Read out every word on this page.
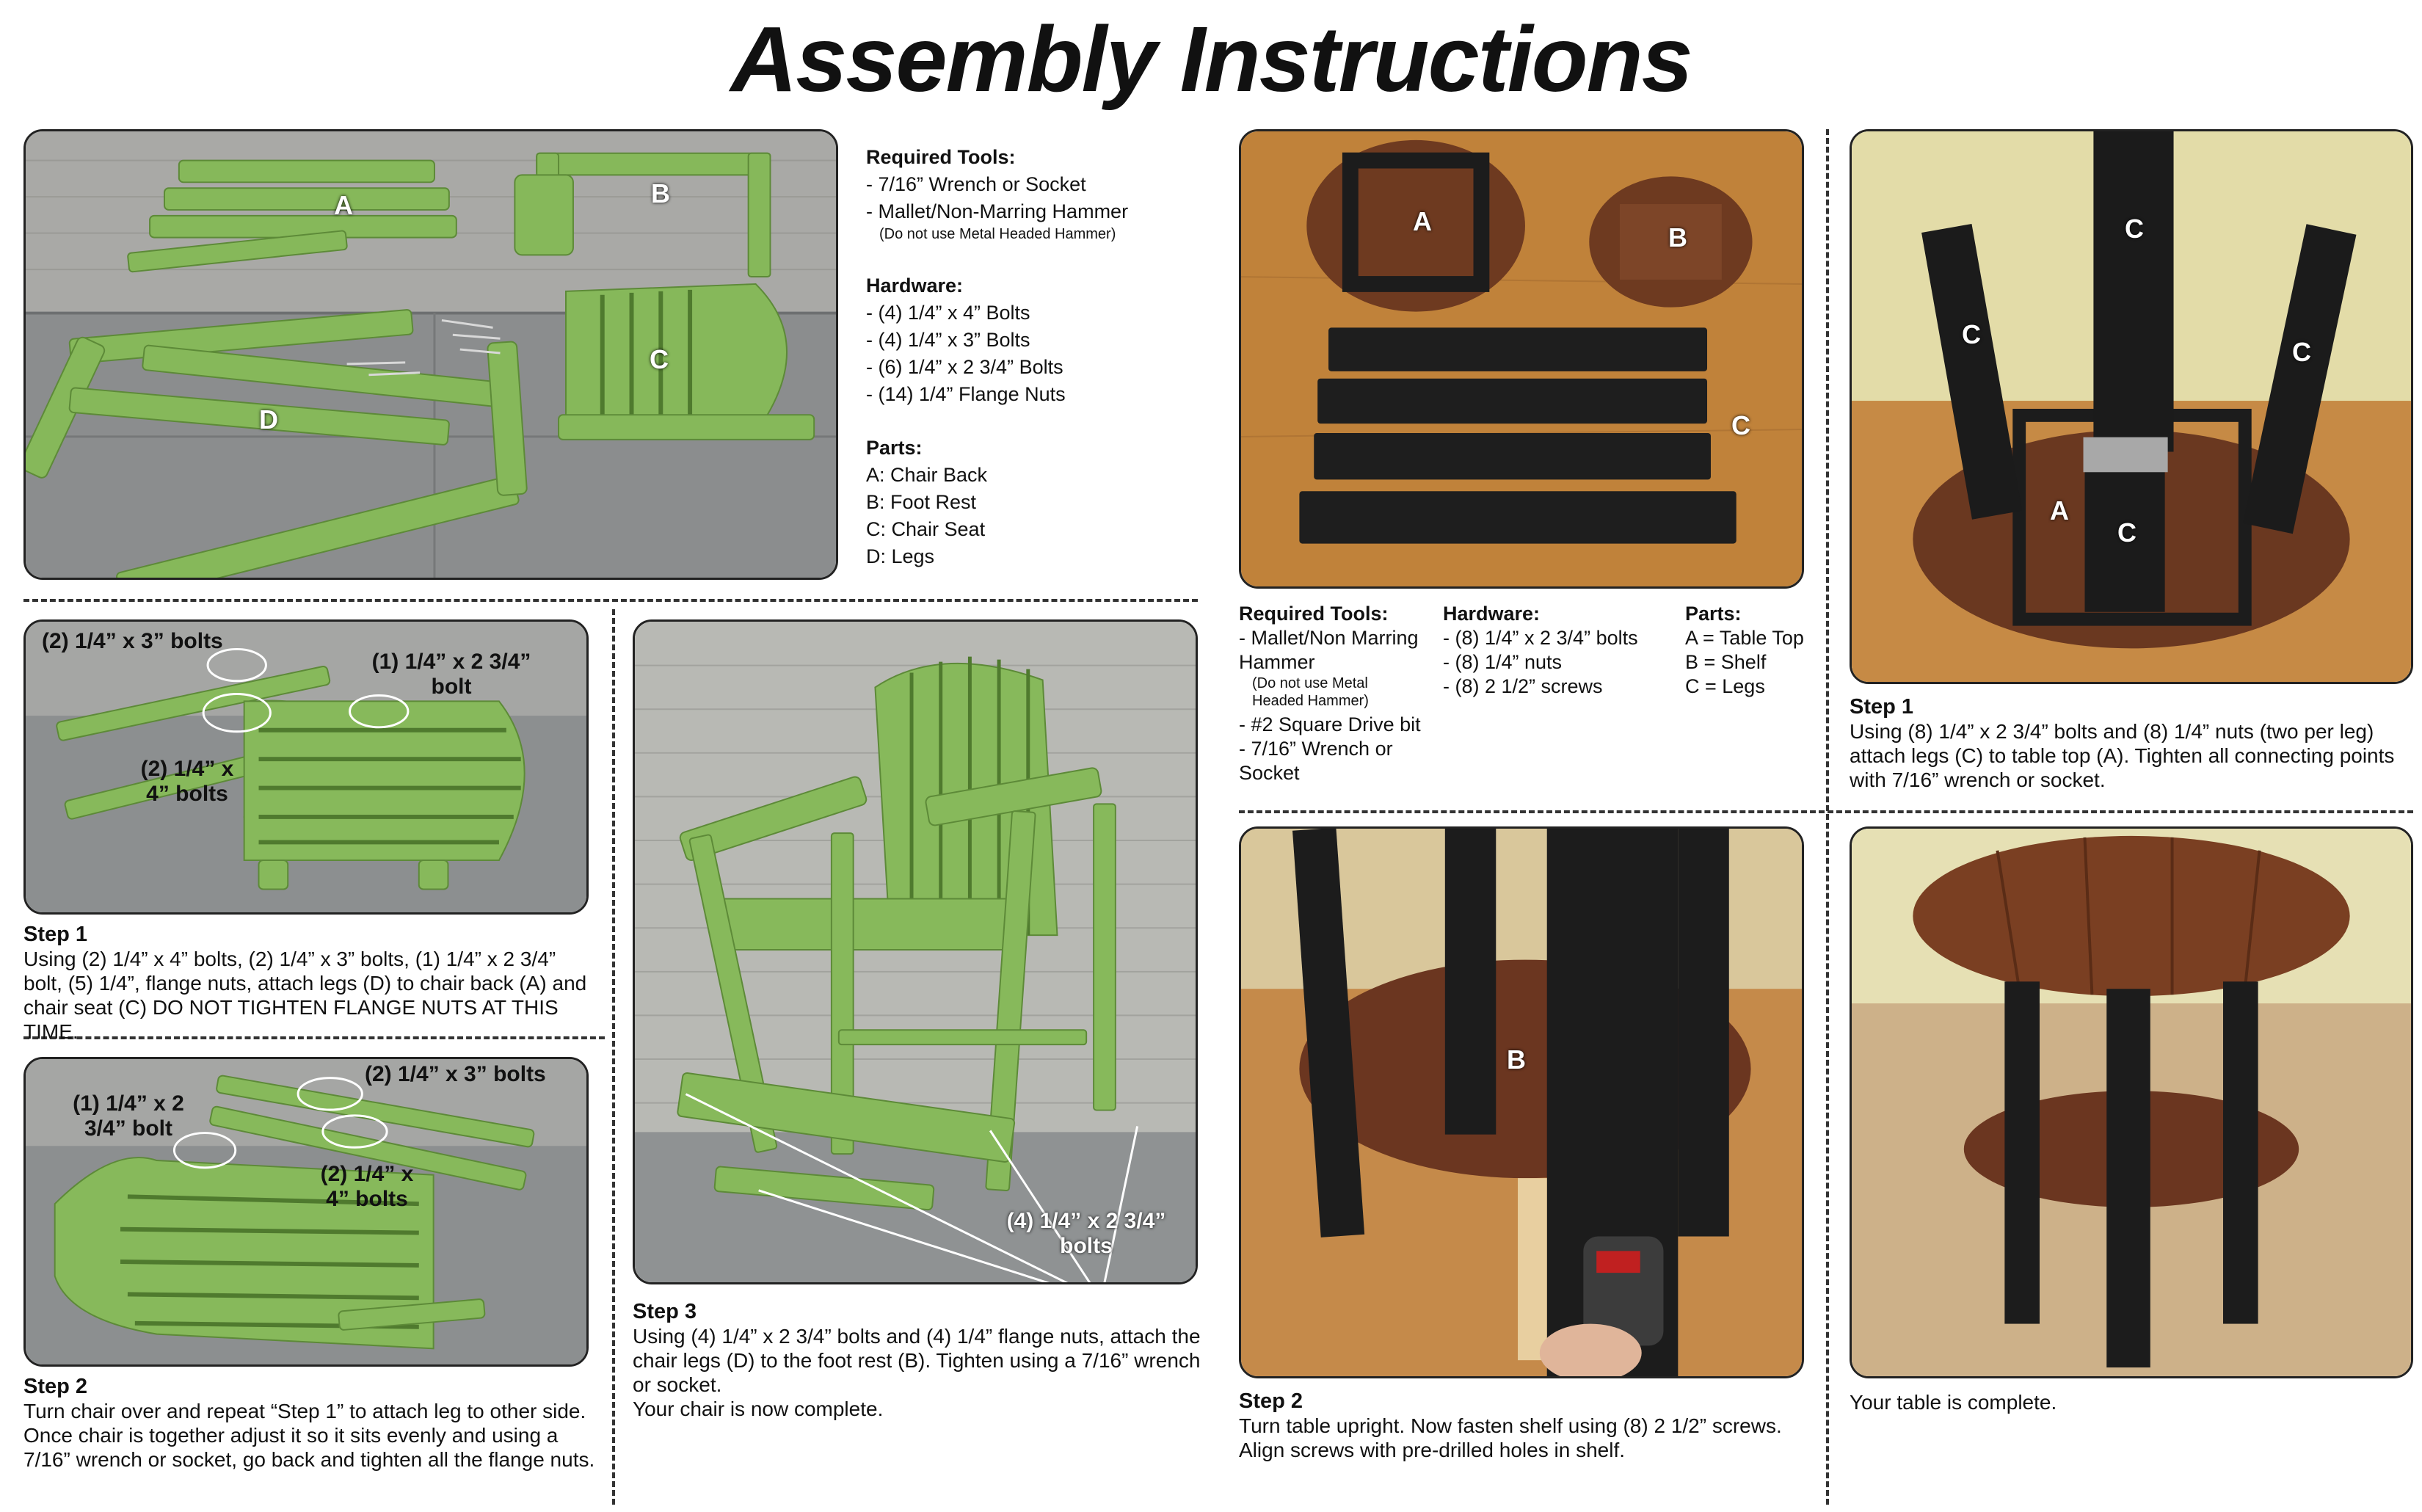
Assembly Instructions
A	B
C
D
Required Tools:
- 7/16” Wrench or Socket
- Mallet/Non-Marring Hammer
(Do not use Metal Headed Hammer)
Hardware:
- (4) 1/4” x 4” Bolts
- (4) 1/4” x 3” Bolts
- (6) 1/4” x 2 3/4” Bolts
- (14) 1/4” Flange Nuts
Parts:
A: Chair Back
B: Foot Rest
C: Chair Seat
D: Legs
(2) 1/4” x 3” bolts
(1) 1/4” x 2 3/4” bolt
(2) 1/4” x 4” bolts
Step 1

Using (2) 1/4” x 4” bolts, (2) 1/4” x 3” bolts, (1) 1/4” x 2 3/4” bolt, (5) 1/4”, flange nuts, attach legs (D) to chair back (A) and chair seat (C) DO NOT TIGHTEN FLANGE NUTS AT THIS TIME.

(2) 1/4” x 3” bolts
(1) 1/4” x 2 3/4” bolt
(2) 1/4” x 4” bolts
Step 2

Turn chair over and repeat “Step 1” to attach leg to other side. Once chair is together adjust it so it sits evenly and using a 7/16” wrench or socket, go back and tighten all the flange nuts.

(4) 1/4” x 2 3/4” bolts
Step 3

Using (4) 1/4” x 2 3/4” bolts and (4) 1/4” flange nuts, attach the chair legs (D) to the foot rest (B). Tighten using a 7/16” wrench or socket.

Your chair is now complete.

A
B
C
Required Tools:
- Mallet/Non Marring Hammer
(Do not use Metal Headed Hammer)
- #2 Square Drive bit
- 7/16” Wrench or Socket
Hardware:
- (8) 1/4” x 2 3/4” bolts
- (8) 1/4” nuts
- (8) 2 1/2” screws
Parts:
A = Table Top
B = Shelf
C = Legs
C
C
C
A
C
Step 1

Using (8) 1/4” x 2 3/4” bolts and (8) 1/4” nuts (two per leg) attach legs (C) to table top (A). Tighten all connecting points with 7/16” wrench or socket.

B
Step 2

Turn table upright. Now fasten shelf using (8) 2 1/2” screws. Align screws with pre-drilled holes in shelf.

Your table is complete.
